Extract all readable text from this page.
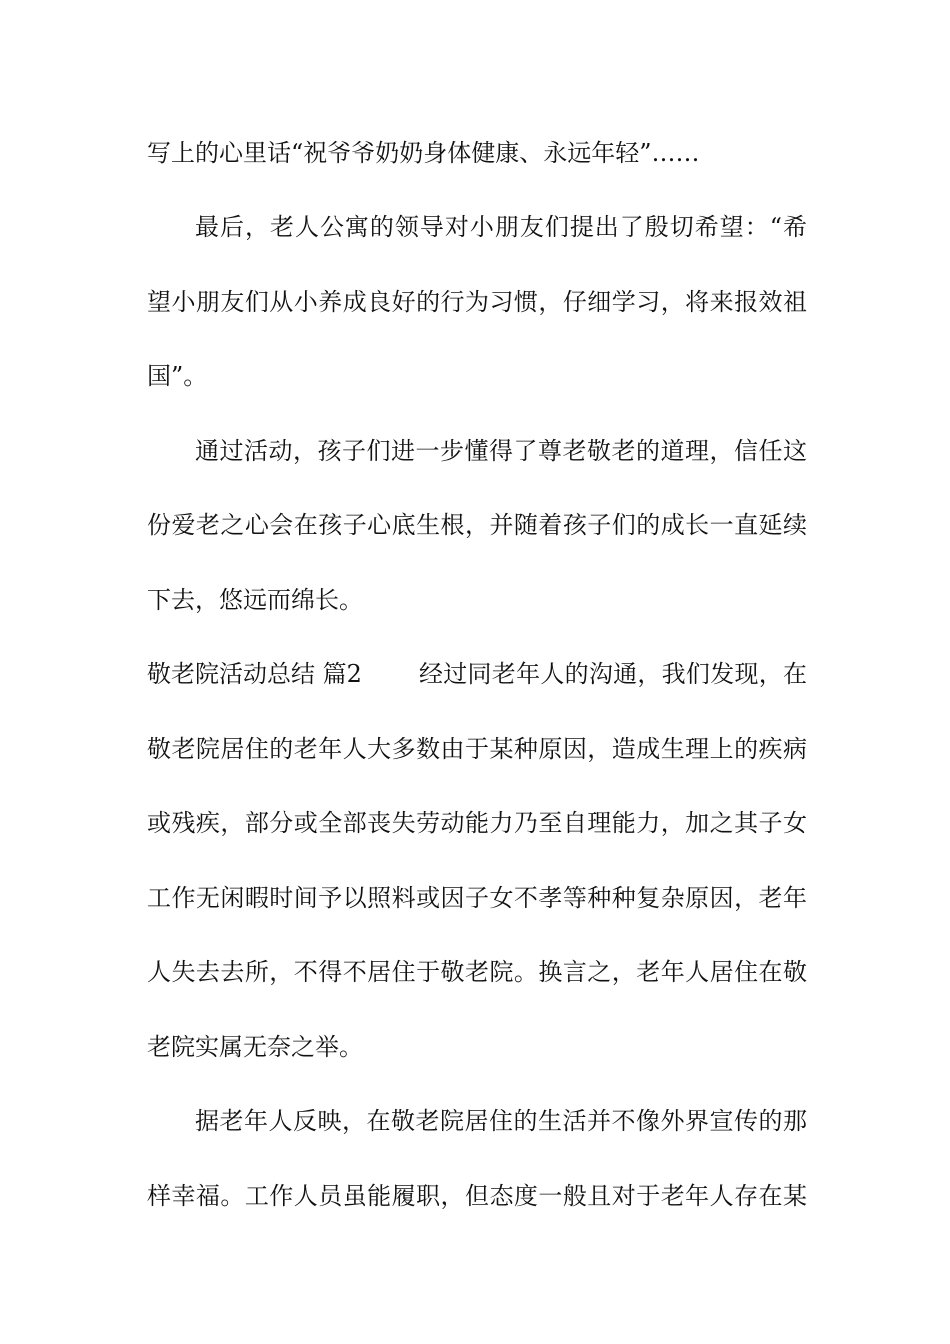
写上的心里话“祝爷爷奶奶身体健康、永远年轻”……
最后，老人公寓的领导对小朋友们提出了殷切希望：“希
望小朋友们从小养成良好的行为习惯，仔细学习，将来报效祖
国”。
通过活动，孩子们进一步懂得了尊老敬老的道理，信任这
份爱老之心会在孩子心底生根，并随着孩子们的成长一直延续
下去，悠远而绵长。
敬老院活动总结 篇2 经过同老年人的沟通，我们发现，在
敬老院居住的老年人大多数由于某种原因，造成生理上的疾病
或残疾，部分或全部丧失劳动能力乃至自理能力，加之其子女
工作无闲暇时间予以照料或因子女不孝等种种复杂原因，老年
人失去去所，不得不居住于敬老院。换言之，老年人居住在敬
老院实属无奈之举。
据老年人反映，在敬老院居住的生活并不像外界宣传的那
样幸福。工作人员虽能履职，但态度一般且对于老年人存在某
